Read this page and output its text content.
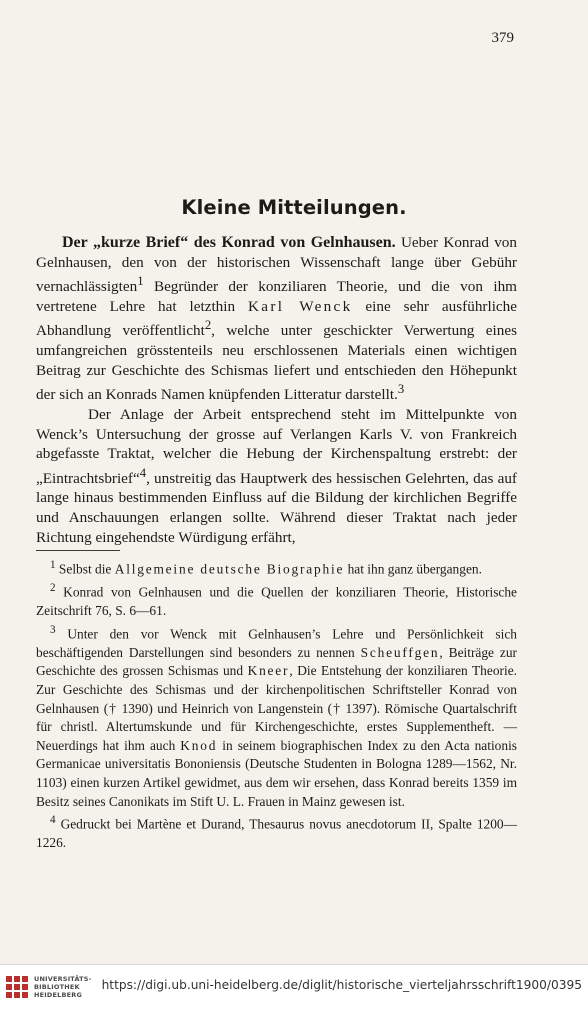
379
Kleine Mitteilungen.

Der „kurze Brief“ des Konrad von Gelnhausen. Ueber Konrad von Gelnhausen, den von der historischen Wissenschaft lange über Gebühr vernachlässigten$^1$ Begründer der konziliaren Theorie, und die von ihm vertretene Lehre hat letzthin Karl Wenck eine sehr ausführliche Abhandlung veröffentlicht$^2$, welche unter geschickter Verwertung eines umfangreichen grösstenteils neu erschlossenen Materials einen wichtigen Beitrag zur Geschichte des Schismas liefert und entschieden den Höhepunkt der sich an Konrads Namen knüpfenden Litteratur darstellt.$^3$

Der Anlage der Arbeit entsprechend steht im Mittelpunkte von Wenck’s Untersuchung der grosse auf Verlangen Karls V. von Frankreich abgefasste Traktat, welcher die Hebung der Kirchenspaltung erstrebt: der „Eintrachtsbrief“$^4$, unstreitig das Hauptwerk des hessischen Gelehrten, das auf lange hinaus bestimmenden Einfluss auf die Bildung der kirchlichen Begriffe und Anschauungen erlangen sollte. Während dieser Traktat nach jeder Richtung eingehendste Würdigung erfährt,

$^1$ Selbst die Allgemeine deutsche Biographie hat ihn ganz übergangen.

$^2$ Konrad von Gelnhausen und die Quellen der konziliaren Theorie, Historische Zeitschrift 76, S. 6—61.

$^3$ Unter den vor Wenck mit Gelnhausen’s Lehre und Persönlichkeit sich beschäftigenden Darstellungen sind besonders zu nennen Scheuffgen, Beiträge zur Geschichte des grossen Schismas und Kneer, Die Entstehung der konziliaren Theorie. Zur Geschichte des Schismas und der kirchenpolitischen Schriftsteller Konrad von Gelnhausen († 1390) und Heinrich von Langenstein († 1397). Römische Quartalschrift für christl. Altertumskunde und für Kirchengeschichte, erstes Supplementheft. — Neuerdings hat ihm auch Knod in seinem biographischen Index zu den Acta nationis Germanicae universitatis Bononiensis (Deutsche Studenten in Bologna 1289—1562, Nr. 1103) einen kurzen Artikel gewidmet, aus dem wir ersehen, dass Konrad bereits 1359 im Besitz seines Canonikats im Stift U. L. Frauen in Mainz gewesen ist.

$^4$ Gedruckt bei Martène et Durand, Thesaurus novus anecdotorum II, Spalte 1200—1226.

UNIVERSITÄTS-
BIBLIOTHEK
HEIDELBERG
https://digi.ub.uni-heidelberg.de/diglit/historische_vierteljahrsschrift1900/0395
